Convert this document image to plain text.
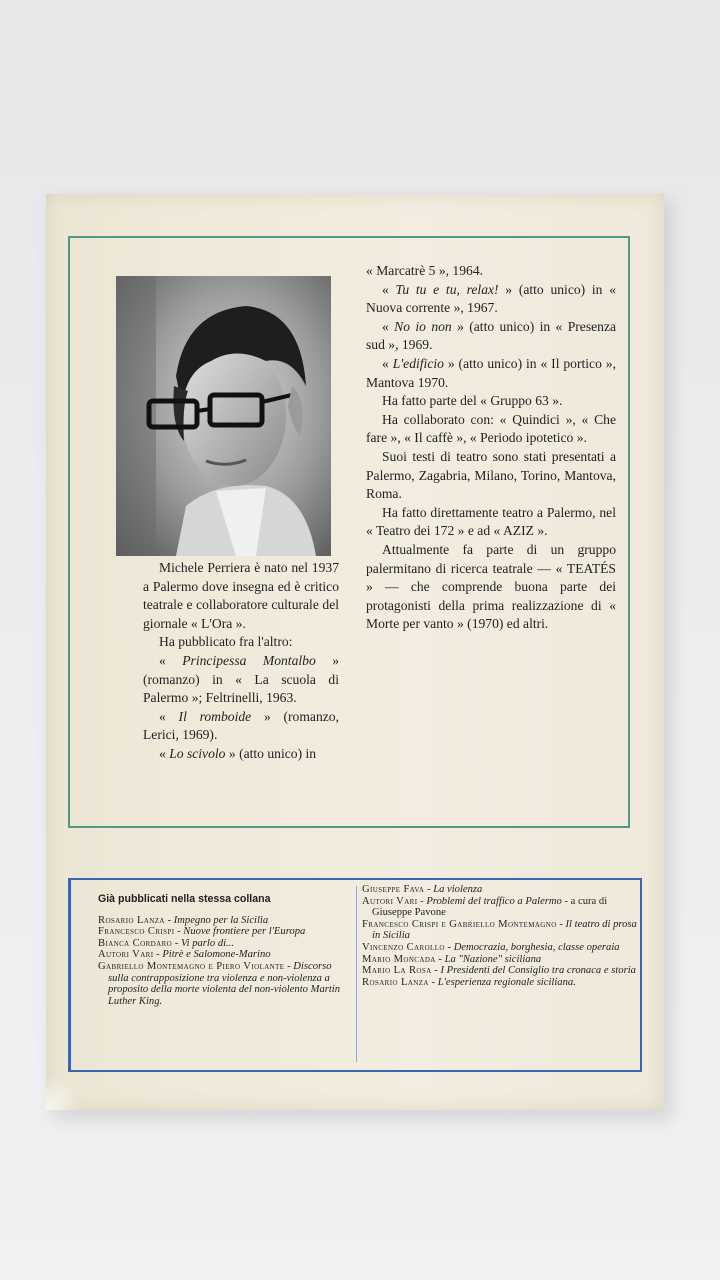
Michele Perriera è nato nel 1937 a Palermo dove insegna ed è critico teatrale e collaboratore culturale del giornale « L'Ora ».

Ha pubblicato fra l'altro:

« Principessa Montalbo » (romanzo) in « La scuola di Palermo »; Feltrinelli, 1963.

« Il romboide » (romanzo, Lerici, 1969).

« Lo scivolo » (atto unico) in

« Marcatrè 5 », 1964.

« Tu tu e tu, relax! » (atto unico) in « Nuova corrente », 1967.

« No io non » (atto unico) in « Presenza sud », 1969.

« L'edificio » (atto unico) in « Il portico », Mantova 1970.

Ha fatto parte del « Gruppo 63 ».

Ha collaborato con: « Quindici », « Che fare », « Il caffè », « Periodo ipotetico ».

Suoi testi di teatro sono stati presentati a Palermo, Zagabria, Milano, Torino, Mantova, Roma.

Ha fatto direttamente teatro a Palermo, nel « Teatro dei 172 » e ad « AZIZ ».

Attualmente fa parte di un gruppo palermitano di ricerca teatrale — « TEATÉS » — che comprende buona parte dei protagonisti della prima realizzazione di « Morte per vanto » (1970) ed altri.

Già pubblicati nella stessa collana

Rosario Lanza - Impegno per la Sicilia

Francesco Crispi - Nuove frontiere per l'Europa

Bianca Cordaro - Vi parlo di...

Autori Vari - Pitrè e Salomone-Marino

Gabriello Montemagno e Piero Violante - Discorso sulla contrapposizione tra violenza e non-violenza a proposito della morte violenta del non-violento Martin Luther King.

Giuseppe Fava - La violenza

Autori Vari - Problemi del traffico a Palermo - a cura di Giuseppe Pavone

Francesco Crispi e Gabriello Montemagno - Il teatro di prosa in Sicilia

Vincenzo Carollo - Democrazia, borghesia, classe operaia

Mario Moncada - La "Nazione" siciliana

Mario La Rosa - I Presidenti del Consiglio tra cronaca e storia

Rosario Lanza - L'esperienza regionale siciliana.
